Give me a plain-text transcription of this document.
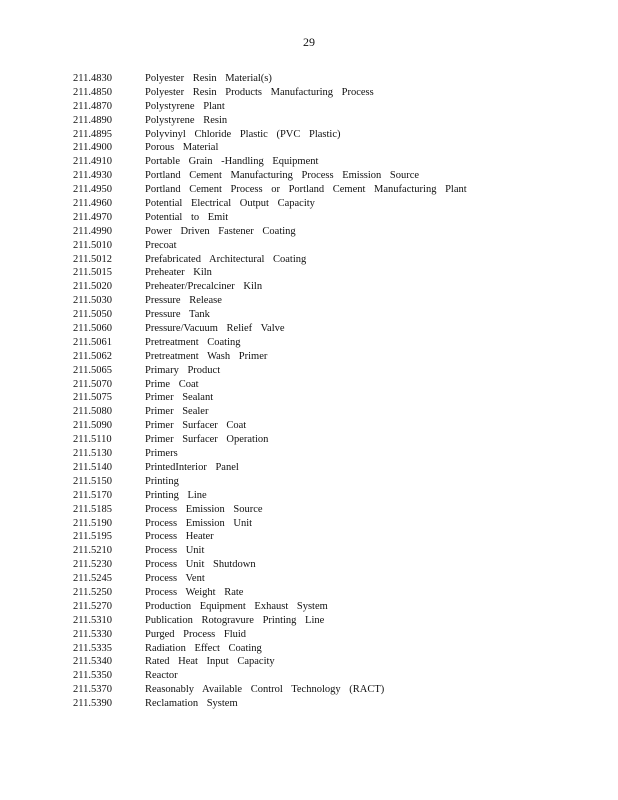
29
211.4830	Polyester Resin Material(s)
211.4850	Polyester Resin Products Manufacturing Process
211.4870	Polystyrene Plant
211.4890	Polystyrene Resin
211.4895	Polyvinyl Chloride Plastic (PVC Plastic)
211.4900	Porous Material
211.4910	Portable Grain -Handling Equipment
211.4930	Portland Cement Manufacturing Process Emission Source
211.4950	Portland Cement Process or Portland Cement Manufacturing Plant
211.4960	Potential Electrical Output Capacity
211.4970	Potential to Emit
211.4990	Power Driven Fastener Coating
211.5010	Precoat
211.5012	Prefabricated Architectural Coating
211.5015	Preheater Kiln
211.5020	Preheater/Precalciner Kiln
211.5030	Pressure Release
211.5050	Pressure Tank
211.5060	Pressure/Vacuum Relief Valve
211.5061	Pretreatment Coating
211.5062	Pretreatment Wash Primer
211.5065	Primary Product
211.5070	Prime Coat
211.5075	Primer Sealant
211.5080	Primer Sealer
211.5090	Primer Surfacer Coat
211.5110	Primer Surfacer Operation
211.5130	Primers
211.5140	PrintedInterior Panel
211.5150	Printing
211.5170	Printing Line
211.5185	Process Emission Source
211.5190	Process Emission Unit
211.5195	Process Heater
211.5210	Process Unit
211.5230	Process Unit Shutdown
211.5245	Process Vent
211.5250	Process Weight Rate
211.5270	Production Equipment Exhaust System
211.5310	Publication Rotogravure Printing Line
211.5330	Purged Process Fluid
211.5335	Radiation Effect Coating
211.5340	Rated Heat Input Capacity
211.5350	Reactor
211.5370	Reasonably Available Control Technology (RACT)
211.5390	Reclamation System
